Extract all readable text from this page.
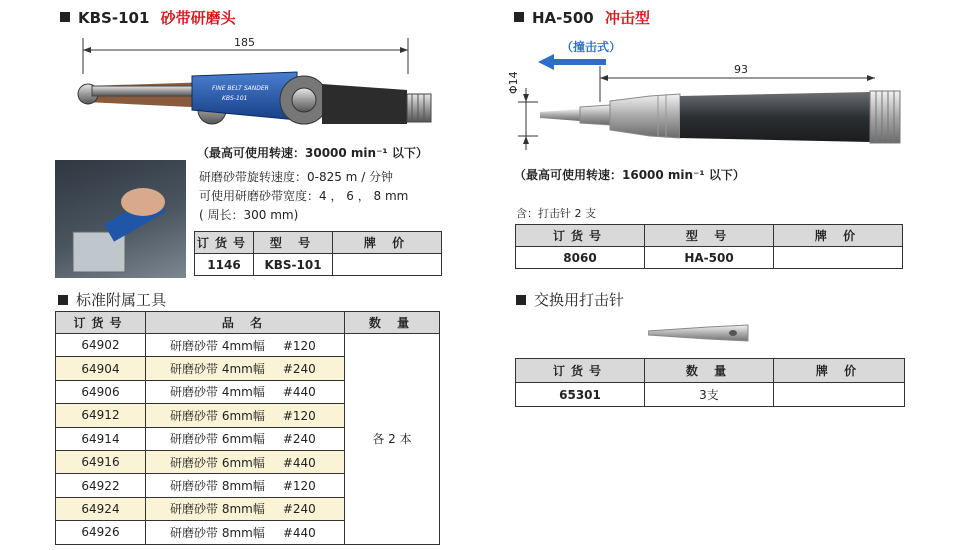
KBS-101 砂带研磨头
185
FINE BELT SANDER
KBS-101
（最高可使用转速：30000 min⁻¹ 以下）
研磨砂带旋转速度：0-825 m / 分钟
可使用研磨砂带宽度：4 ， 6 ， 8 mm
( 周长：300 mm)
订货号	型 号	牌 价
1146	KBS-101	
标准附属工具
订货号	品 名	数 量
64902	研磨砂带 4mm幅 #120	各 2 本
64904	研磨砂带 4mm幅 #240	
64906	研磨砂带 4mm幅 #440	
64912	研磨砂带 6mm幅 #120	
64914	研磨砂带 6mm幅 #240	
64916	研磨砂带 6mm幅 #440	
64922	研磨砂带 8mm幅 #120	
64924	研磨砂带 8mm幅 #240	
64926	研磨砂带 8mm幅 #440	
HA-500 冲击型
（撞击式）
93
Φ14
（最高可使用转速：16000 min⁻¹ 以下）
含：打击针 2 支
订货号	型 号	牌 价
8060	HA-500	
交换用打击针
订货号	数 量	牌 价
65301	3支	
